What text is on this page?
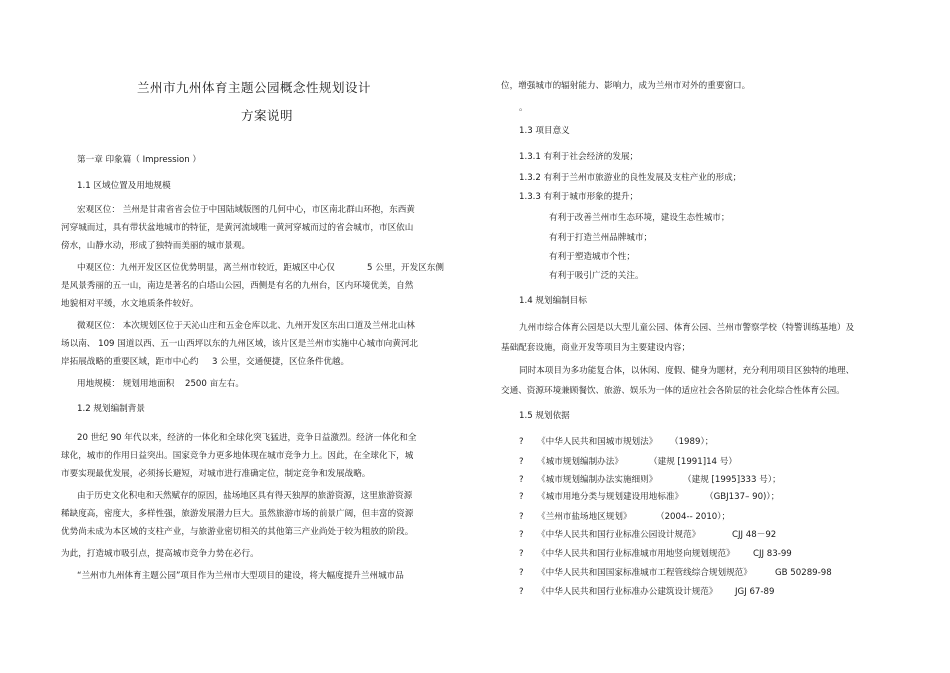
兰州市九州体育主题公园概念性规划设计
方案说明
第一章 印象篇（ Impression ）
1.1 区域位置及用地规模
宏观区位： 兰州是甘肃省省会位于中国陆域版图的几何中心，市区南北群山环抱，东西黄
河穿城而过，具有带状盆地城市的特征，是黄河流域唯一黄河穿城而过的省会城市，市区依山
傍水，山静水动，形成了独特而美丽的城市景观。
中观区位：九州开发区区位优势明显，离兰州市较近，距城区中心仅	5 公里，开发区东侧
是风景秀丽的五一山，南边是著名的白塔山公园，西侧是有名的九州台，区内环境优美，自然
地貌相对平缓，水文地质条件较好。
微观区位： 本次规划区位于天沁山庄和五金仓库以北、九州开发区东出口道及兰州北山林
场以南、 109 国道以西、五一山西坪以东的九州区域，该片区是兰州市实施中心城市向黄河北
岸拓展战略的重要区域，距市中心约 3 公里，交通便捷，区位条件优越。
用地规模： 规划用地面积 2500 亩左右。
1.2 规划编制背景
20 世纪 90 年代以来，经济的一体化和全球化突飞猛进，竞争日益激烈。经济一体化和全
球化，城市的作用日益突出。国家竞争力更多地体现在城市竞争力上。因此，在全球化下，城
市要实现最优发展，必须扬长避短，对城市进行准确定位，制定竞争和发展战略。
由于历史文化积电和天然赋存的原因，盐场地区具有得天独厚的旅游资源，这里旅游资源
稀缺度高，密度大，多样性强，旅游发展潜力巨大。虽然旅游市场的前景广阔，但丰富的资源
优势尚未成为本区域的支柱产业，与旅游业密切相关的其他第三产业尚处于较为粗放的阶段。
为此，打造城市吸引点，提高城市竞争力势在必行。
“兰州市九州体育主题公园”项目作为兰州市大型项目的建设，将大幅度提升兰州城市品
位，增强城市的辐射能力、影响力，成为兰州市对外的重要窗口。
。
1.3 项目意义
1.3.1 有利于社会经济的发展；
1.3.2 有利于兰州市旅游业的良性发展及支柱产业的形成；
1.3.3 有利于城市形象的提升；
有利于改善兰州市生态环境，建设生态性城市；
有利于打造兰州品牌城市；
有利于塑造城市个性；
有利于吸引广泛的关注。
1.4 规划编制目标
九州市综合体育公园是以大型儿童公园、体育公园、兰州市警察学校（特警训练基地）及
基础配套设施，商业开发等项目为主要建设内容；
同时本项目为多功能复合体，以休闲、度假、健身为题材，充分利用项目区独特的地理、
交通、资源环境兼顾餐饮、旅游、娱乐为一体的适应社会各阶层的社会化综合性体育公园。
1.5 规划依据
? 《中华人民共和国城市规划法》 （1989）；
? 《城市规划编制办法》	（建规 [1991]14 号）
? 《城市规划编制办法实施细则》	（建规 [1995]333 号）；
? 《城市用地分类与规划建设用地标准》	（GBJ137– 90)）；
? 《兰州市盐场地区规划》	（2004-- 2010）；
? 《中华人民共和国行业标准公园设计规范》	CJJ 48－92
? 《中华人民共和国行业标准城市用地竖向规划规范》 CJJ 83-99
? 《中华人民共和国国家标准城市工程管线综合规划规范》	GB 50289-98
? 《中华人民共和国行业标准办公建筑设计规范》 JGJ 67-89
